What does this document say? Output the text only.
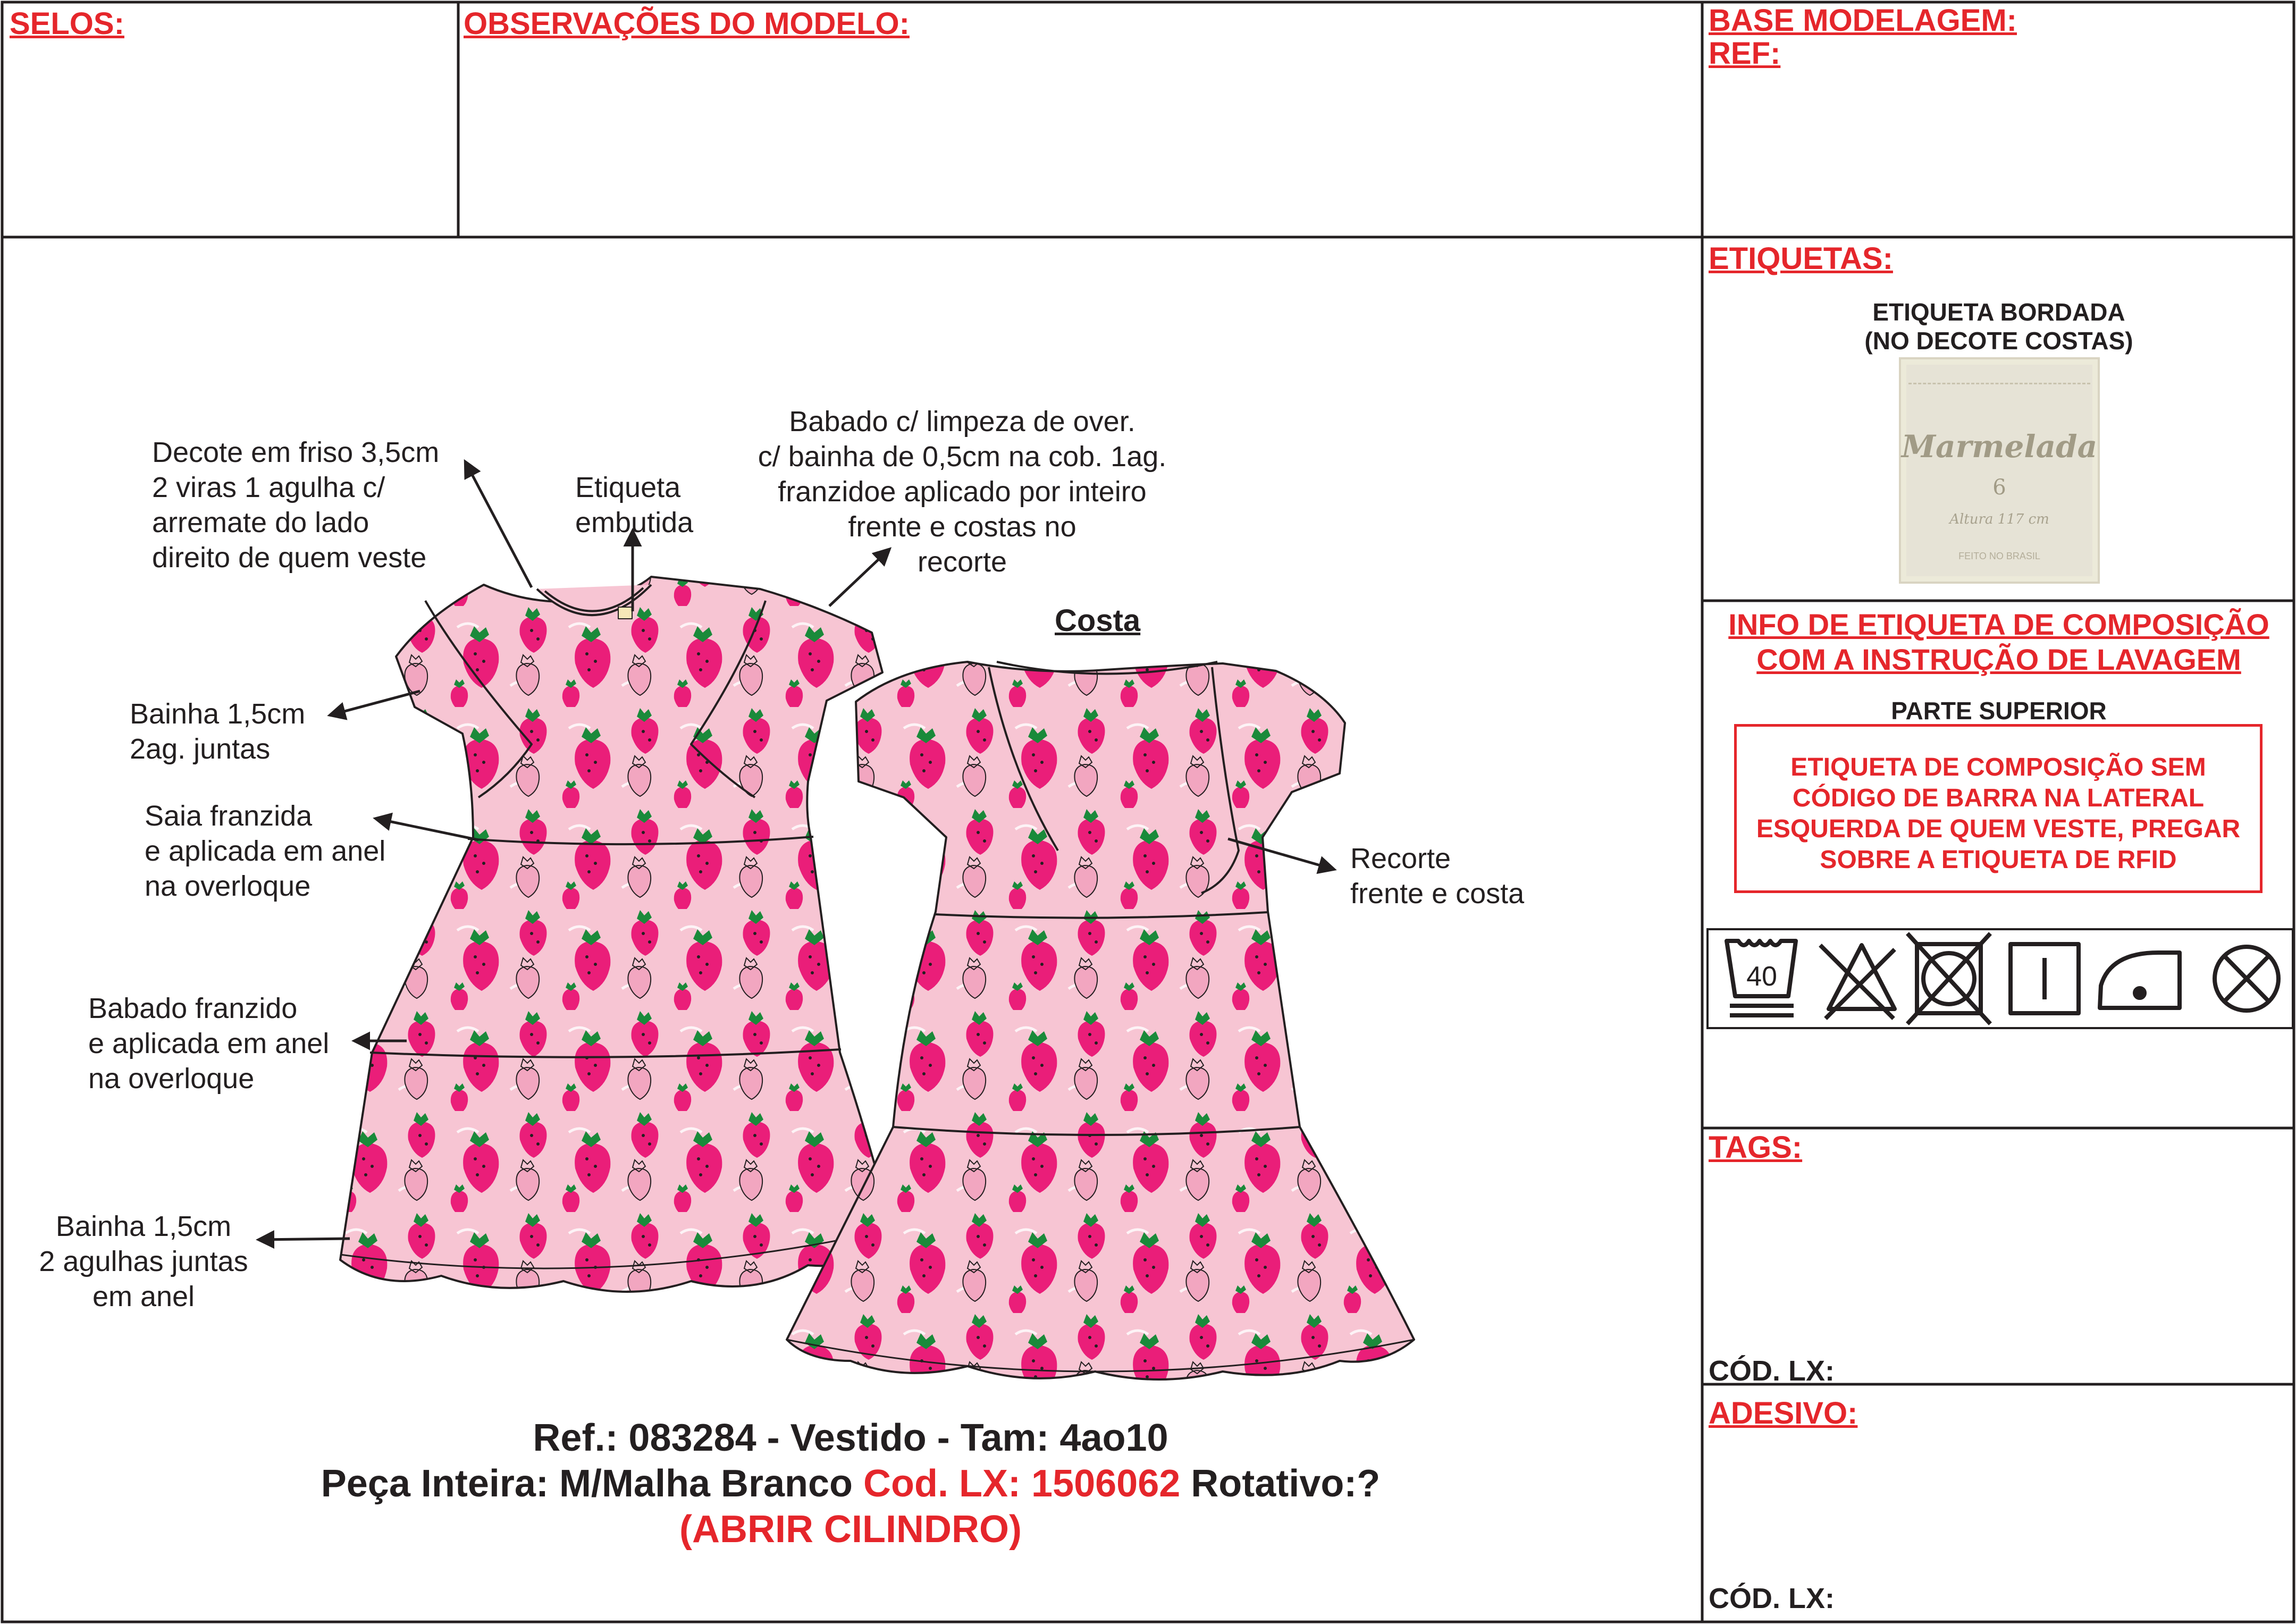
SELOS:	OBSERVAÇÕES DO MODELO:	BASE MODELAGEM:
REF:
ETIQUETAS:
ETIQUETA BORDADA
(NO DECOTE COSTAS)
Marmelada
6
Altura 117 cm
FEITO NO BRASIL
INFO DE ETIQUETA DE COMPOSIÇÃO
COM A INSTRUÇÃO DE LAVAGEM
PARTE SUPERIOR
ETIQUETA DE COMPOSIÇÃO SEM
CÓDIGO DE BARRA NA LATERAL
ESQUERDA DE QUEM VESTE, PREGAR
SOBRE A ETIQUETA DE RFID
40
TAGS:
CÓD. LX:
ADESIVO:
CÓD. LX:
Decote em friso 3,5cm
2 viras 1 agulha c/
arremate do lado
direito de quem veste
Etiqueta
embutida
Babado c/ limpeza de over.
c/ bainha de 0,5cm na cob. 1ag.
franzidoe aplicado por inteiro
frente e costas no
recorte
Bainha 1,5cm
2ag. juntas
Saia franzida
e aplicada em anel
na overloque
Babado franzido
e aplicada em anel
na overloque
Bainha 1,5cm
2 agulhas juntas
em anel
Costa
Recorte
frente e costa
Ref.: 083284 - Vestido - Tam: 4ao10
Peça Inteira: M/Malha Branco Cod. LX: 1506062 Rotativo:?
(ABRIR CILINDRO)
